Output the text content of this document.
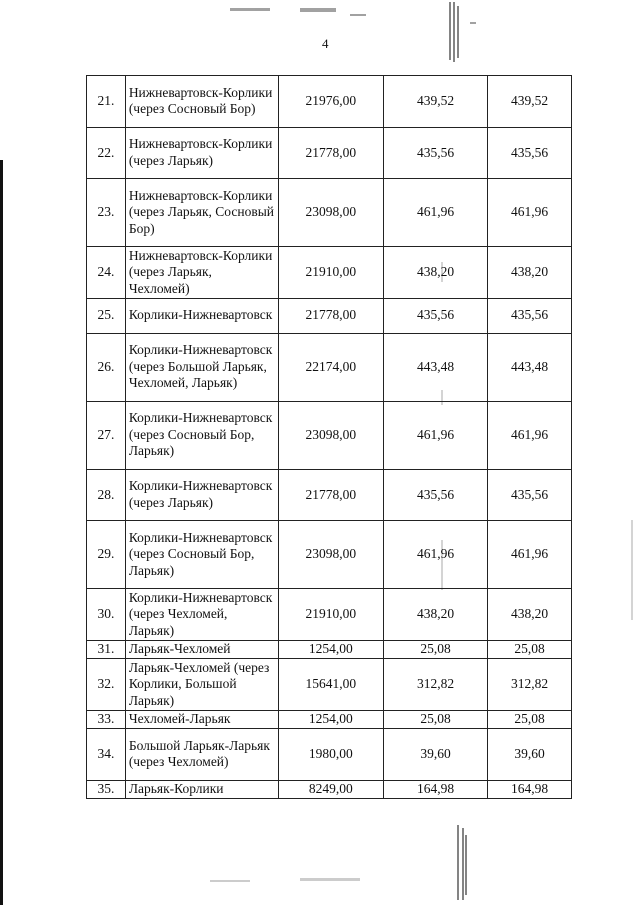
4
21.	Нижневартовск-Корлики (через Сосновый Бор)	21976,00	439,52	439,52
22.	Нижневартовск-Корлики (через Ларьяк)	21778,00	435,56	435,56
23.	Нижневартовск-Корлики (через Ларьяк, Сосновый Бор)	23098,00	461,96	461,96
24.	Нижневартовск-Корлики (через Ларьяк, Чехломей)	21910,00	438,20	438,20
25.	Корлики-Нижневартовск	21778,00	435,56	435,56
26.	Корлики-Нижневартовск (через Большой Ларьяк, Чехломей, Ларьяк)	22174,00	443,48	443,48
27.	Корлики-Нижневартовск (через Сосновый Бор, Ларьяк)	23098,00	461,96	461,96
28.	Корлики-Нижневартовск (через Ларьяк)	21778,00	435,56	435,56
29.	Корлики-Нижневартовск (через Сосновый Бор, Ларьяк)	23098,00	461,96	461,96
30.	Корлики-Нижневартовск (через Чехломей, Ларьяк)	21910,00	438,20	438,20
31.	Ларьяк-Чехломей	1254,00	25,08	25,08
32.	Ларьяк-Чехломей (через Корлики, Большой Ларьяк)	15641,00	312,82	312,82
33.	Чехломей-Ларьяк	1254,00	25,08	25,08
34.	Большой Ларьяк-Ларьяк (через Чехломей)	1980,00	39,60	39,60
35.	Ларьяк-Корлики	8249,00	164,98	164,98
